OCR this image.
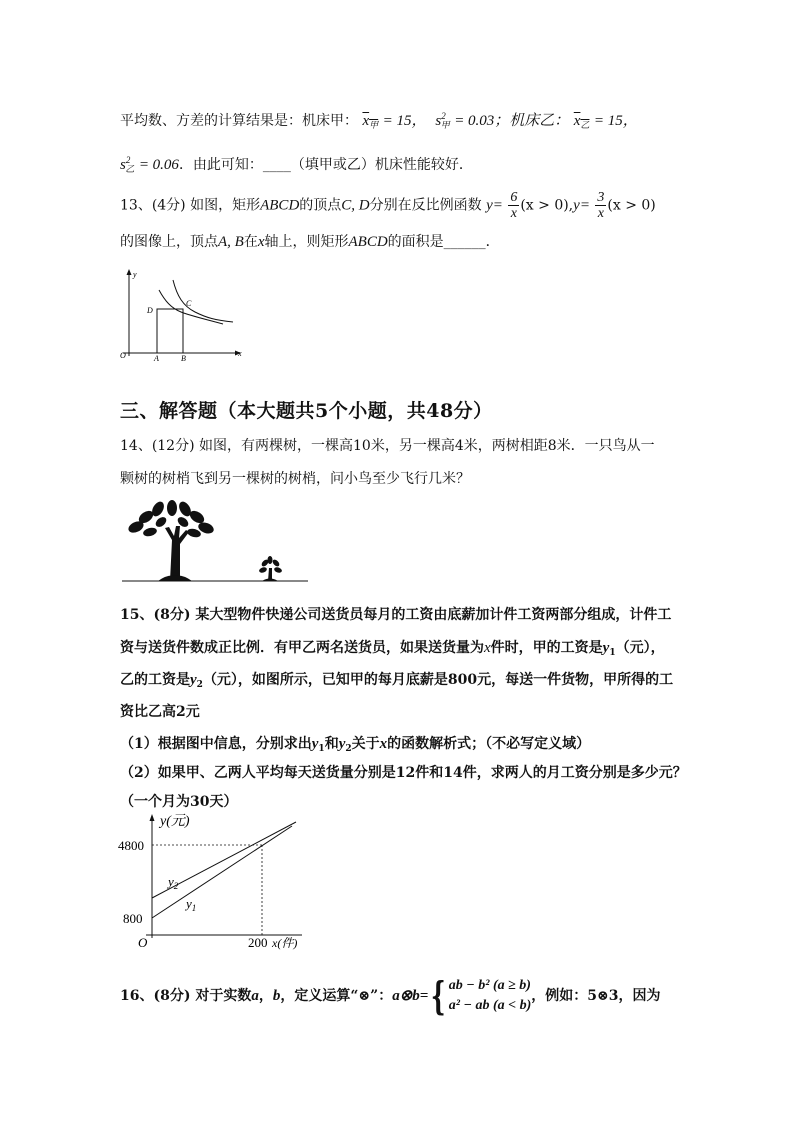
平均数、方差的计算结果是：机床甲： $x_甲 = 15$， $s^2_甲 = 0.03$；机床乙： $x_乙 = 15$，
$s^2_乙 = 0.06$．由此可知：____（填甲或乙）机床性能较好．
13、(4分) 如图，矩形ABCD的顶点C, D分别在反比例函数 $y= \frac{6}{x} (x > 0),y= \frac{3}{x} (x > 0)$
的图像上，顶点A, B在x轴上，则矩形ABCD的面积是______．
y
x
O	A	B
C
D
三、解答题（本大题共5个小题，共48分）
14、(12分) 如图，有两棵树，一棵高10米，另一棵高4米，两树相距8米．一只鸟从一
颗树的树梢飞到另一棵树的树梢，问小鸟至少飞行几米？
15、(8分) 某大型物件快递公司送货员每月的工资由底薪加计件工资两部分组成，计件工
资与送货件数成正比例．有甲乙两名送货员，如果送货量为x件时，甲的工资是$y_1$（元），
乙的工资是$y_2$（元），如图所示，已知甲的每月底薪是800元，每送一件货物，甲所得的工
资比乙高2元
（1）根据图中信息，分别求出$y_1$和$y_2$关于x的函数解析式；（不必写定义域）
（2）如果甲、乙两人平均每天送货量分别是12件和14件，求两人的月工资分别是多少元？
（一个月为30天）
y(元)
4800
800
O	200 x(件)
$y_2$
$y_1$
16、(8分) 对于实数a，b，定义运算“⊗”：a⊗b={ ab − b² (a ≥ b)
a² − ab (a < b)
，例如：5⊗3，因为
